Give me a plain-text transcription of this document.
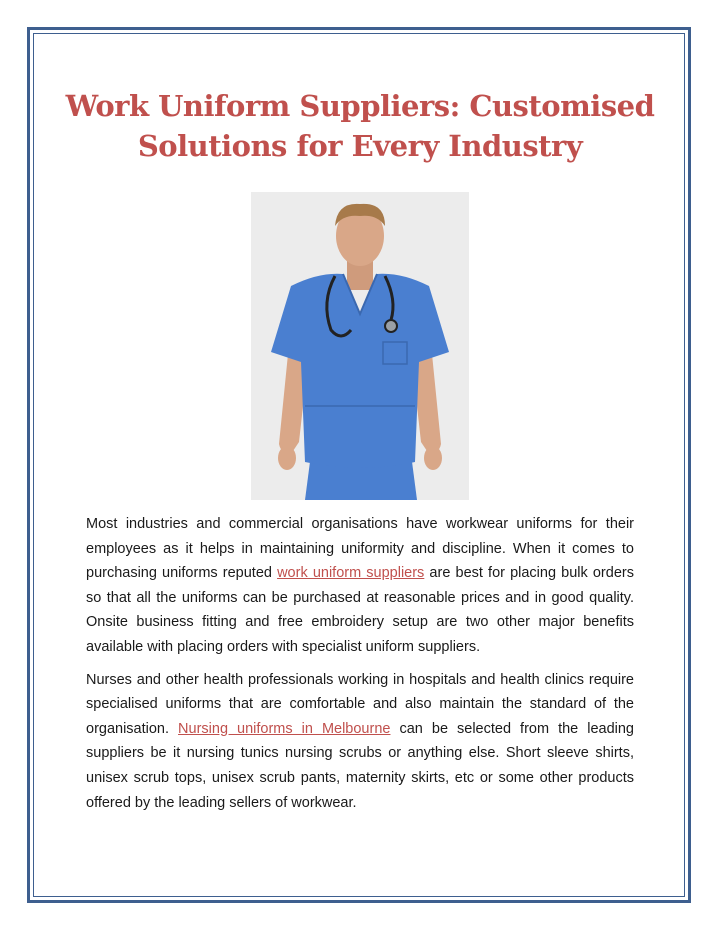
Work Uniform Suppliers: Customised
Solutions for Every Industry

Most industries and commercial organisations have workwear uniforms for their employees as it helps in maintaining uniformity and discipline. When it comes to purchasing uniforms reputed work uniform suppliers are best for placing bulk orders so that all the uniforms can be purchased at reasonable prices and in good quality. Onsite business fitting and free embroidery setup are two other major benefits available with placing orders with specialist uniform suppliers.

Nurses and other health professionals working in hospitals and health clinics require specialised uniforms that are comfortable and also maintain the standard of the organisation. Nursing uniforms in Melbourne can be selected from the leading suppliers be it nursing tunics nursing scrubs or anything else. Short sleeve shirts, unisex scrub tops, unisex scrub pants, maternity skirts, etc or some other products offered by the leading sellers of workwear.
